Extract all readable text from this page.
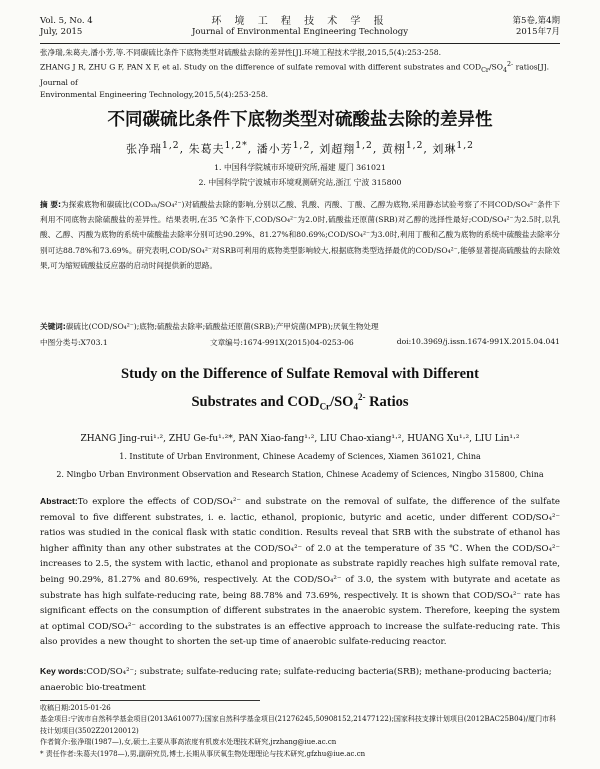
Vol. 5, No. 4
July, 2015
环 境 工 程 技 术 学 报
Journal of Environmental Engineering Technology
第5卷,第4期
2015年7月
张净瑞,朱葛夫,潘小芳,等.不同碳硫比条件下底物类型对硫酸盐去除的差异性[J].环境工程技术学报,2015,5(4):253-258.
ZHANG J R, ZHU G F, PAN X F, et al. Study on the difference of sulfate removal with different substrates and $COD_{Cr}/SO_4^{2-}$ ratios[J]. Journal of
Environmental Engineering Technology,2015,5(4):253-258.
不同碳硫比条件下底物类型对硫酸盐去除的差异性
张净瑞$^{1,2}$, 朱葛夫$^{1,2*}$, 潘小芳$^{1,2}$, 刘超翔$^{1,2}$, 黄栩$^{1,2}$, 刘琳$^{1,2}$
1. 中国科学院城市环境研究所,福建 厦门 361021
2. 中国科学院宁波城市环境观测研究站,浙江 宁波 315800
摘 要:为探索底物和碳硫比(CODₓₕ/SO₄²⁻)对硫酸盐去除的影响,分别以乙酸、乳酸、丙酸、丁酸、乙醇为底物,采用静态试验考察了不同COD/SO₄²⁻条件下利用不同底物去除硫酸盐的差异性。结果表明,在35 ℃条件下,COD/SO₄²⁻为2.0时,硫酸盐还原菌(SRB)对乙醇的选择性最好;COD/SO₄²⁻为2.5时,以乳酸、乙醇、丙酸为底物的系统中硫酸盐去除率分别可达90.29%、81.27%和80.69%;COD/SO₄²⁻为3.0时,利用丁酸和乙酸为底物的系统中硫酸盐去除率分别可达88.78%和73.69%。研究表明,COD/SO₄²⁻对SRB可利用的底物类型影响较大,根据底物类型选择最优的COD/SO₄²⁻,能够显著提高硫酸盐的去除效果,可为缩短硫酸盐反应器的启动时间提供新的思路。
关键词:碳硫比(COD/SO₄²⁻);底物;硫酸盐去除率;硫酸盐还原菌(SRB);产甲烷菌(MPB);厌氧生物处理
中图分类号:X703.1	文章编号:1674-991X(2015)04-0253-06	doi:10.3969/j.issn.1674-991X.2015.04.041
Study on the Difference of Sulfate Removal with Different
Substrates and $COD_{Cr}/SO_4^{2-}$ Ratios
ZHANG Jing-rui¹·², ZHU Ge-fu¹·²*, PAN Xiao-fang¹·², LIU Chao-xiang¹·², HUANG Xu¹·², LIU Lin¹·²
1. Institute of Urban Environment, Chinese Academy of Sciences, Xiamen 361021, China
2. Ningbo Urban Environment Observation and Research Station, Chinese Academy of Sciences, Ningbo 315800, China
Abstract:To explore the effects of COD/SO₄²⁻ and substrate on the removal of sulfate, the difference of the sulfate removal to five different substrates, i. e. lactic, ethanol, propionic, butyric and acetic, under different COD/SO₄²⁻ ratios was studied in the conical flask with static condition. Results reveal that SRB with the substrate of ethanol has higher affinity than any other substrates at the COD/SO₄²⁻ of 2.0 at the temperature of 35 ℃. When the COD/SO₄²⁻ increases to 2.5, the system with lactic, ethanol and propionate as substrate rapidly reaches high sulfate removal rate, being 90.29%, 81.27% and 80.69%, respectively. At the COD/SO₄²⁻ of 3.0, the system with butyrate and acetate as substrate has high sulfate-reducing rate, being 88.78% and 73.69%, respectively. It is shown that COD/SO₄²⁻ rate has significant effects on the consumption of different substrates in the anaerobic system. Therefore, keeping the system at optimal COD/SO₄²⁻ according to the substrates is an effective approach to increase the sulfate-reducing rate. This also provides a new thought to shorten the set-up time of anaerobic sulfate-reducing reactor.
Key words:COD/SO₄²⁻; substrate; sulfate-reducing rate; sulfate-reducing bacteria(SRB); methane-producing bacteria; anaerobic bio-treatment
收稿日期:2015-01-26
基金项目:宁波市自然科学基金项目(2013A610077);国家自然科学基金项目(21276245,50908152,21477122);国家科技支撑计划项目(2012BAC25B04)/厦门市科技计划项目(3502Z20120012)
作者简介:张净瑞(1987—),女,硕士,主要从事高浓度有机废水处理技术研究,jrzhang@iue.ac.cn
* 责任作者:朱葛夫(1978—),男,副研究员,博士,长期从事厌氧生物处理理论与技术研究,gfzhu@iue.ac.cn
